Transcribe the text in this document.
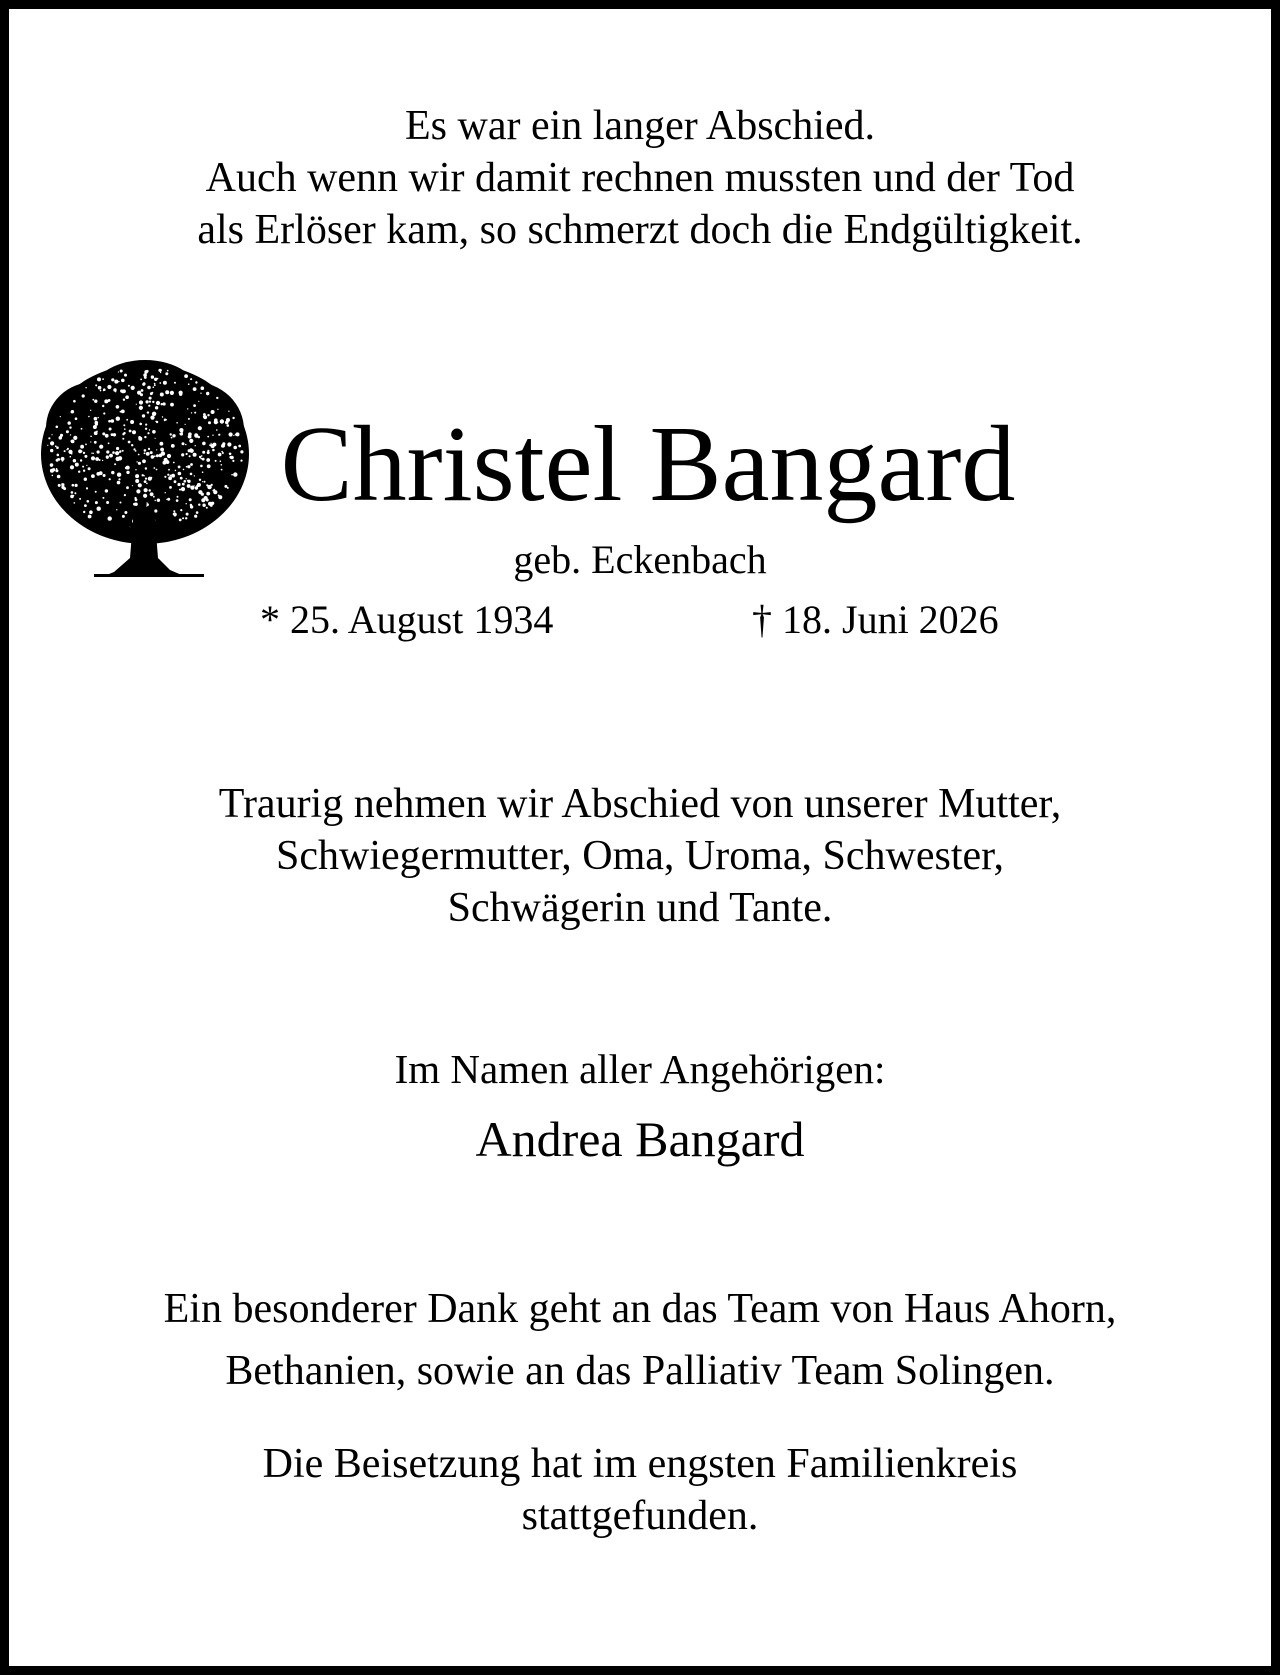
Es war ein langer Abschied.
Auch wenn wir damit rechnen mussten und der Tod
als Erlöser kam, so schmerzt doch die Endgültigkeit.
Christel Bangard
geb. Eckenbach
* 25. August 1934	† 18. Juni 2026
Traurig nehmen wir Abschied von unserer Mutter,
Schwiegermutter, Oma, Uroma, Schwester,
Schwägerin und Tante.
Im Namen aller Angehörigen:
Andrea Bangard
Ein besonderer Dank geht an das Team von Haus Ahorn,
Bethanien, sowie an das Palliativ Team Solingen.
Die Beisetzung hat im engsten Familienkreis
stattgefunden.
